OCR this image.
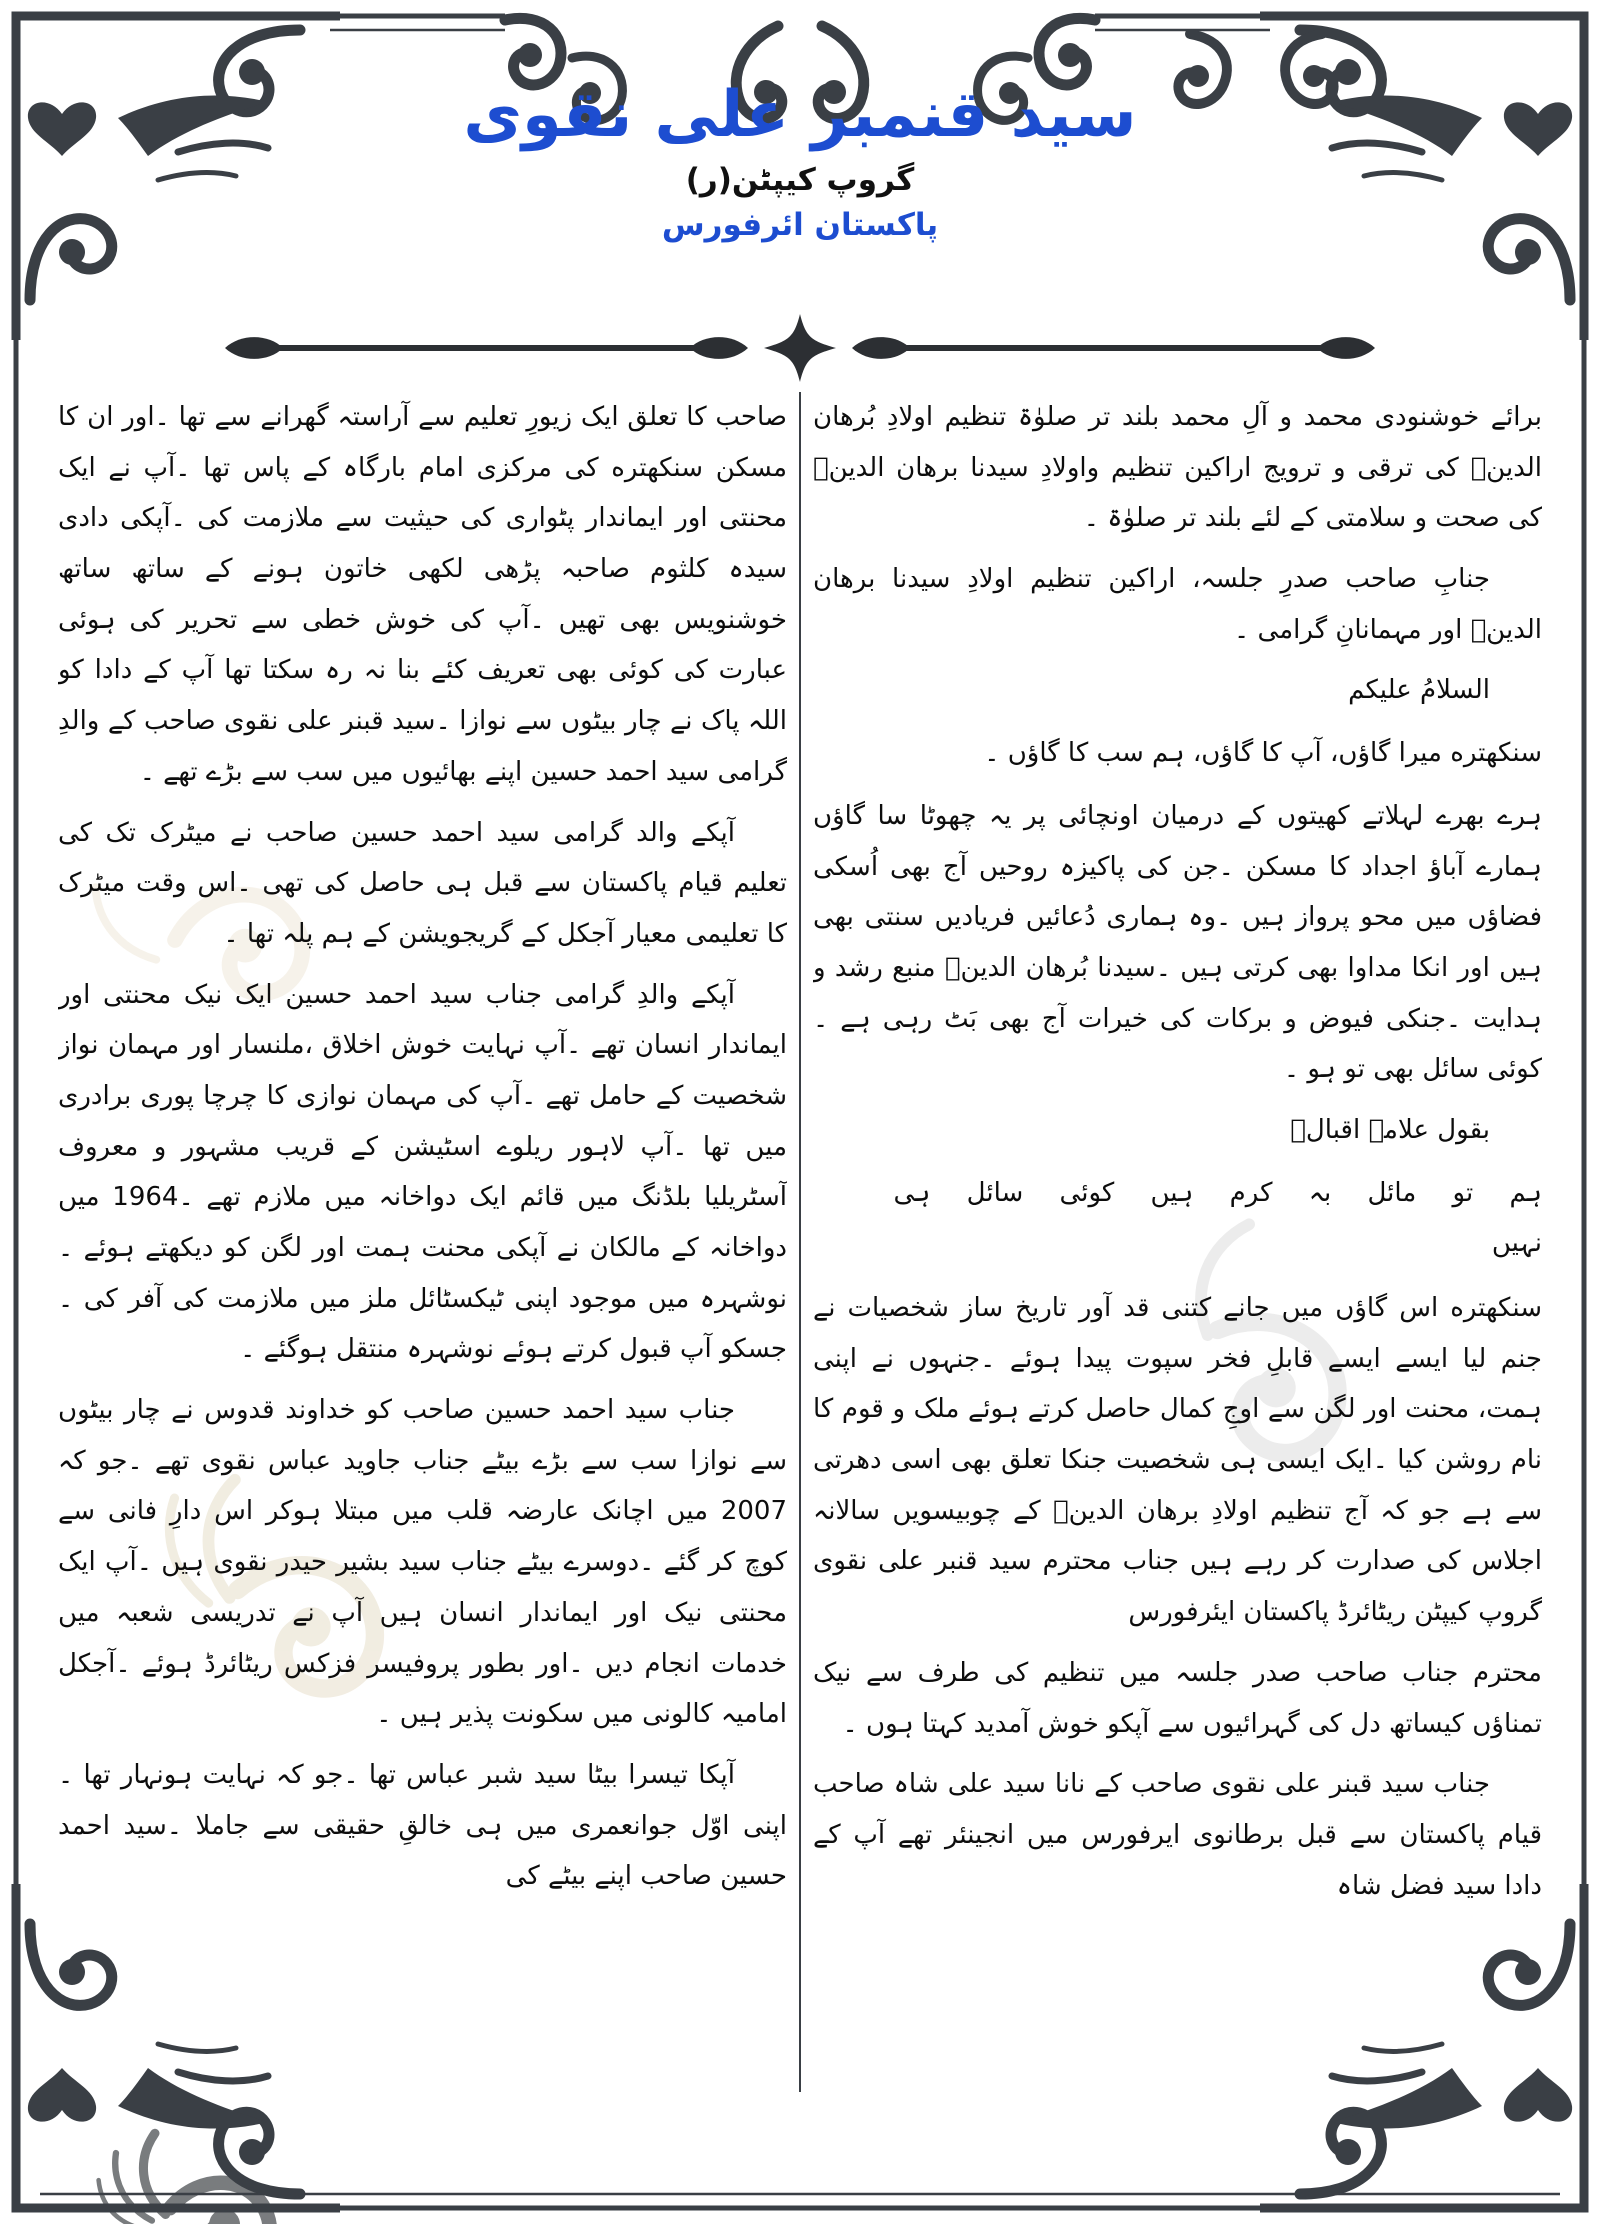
سید قنمبر علی نقوی
گروپ کیپٹن(ر)
پاکستان ائرفورس

برائے خوشنودی محمد و آلِ محمد بلند تر صلوٰۃ تنظیم اولادِ بُرھان الدینؒ کی ترقی و ترویج اراکین تنظیم واولادِ سیدنا برھان الدینؒ کی صحت و سلامتی کے لئے بلند تر صلوٰۃ ۔

جنابِ صاحب صدرِ جلسہ، اراکین تنظیم اولادِ سیدنا برھان الدینؒ اور مہمانانِ گرامی ۔

السلامُ علیکم

سنکھتره میرا گاؤں، آپ کا گاؤں، ہم سب کا گاؤں ۔

ہرے بھرے لہلاتے کھیتوں کے درمیان اونچائی پر یہ چھوٹا سا گاؤں ہمارے آباؤ اجداد کا مسکن ۔جن کی پاکیزہ روحیں آج بھی اُسکی فضاؤں میں محو پرواز ہیں ۔وہ ہماری دُعائیں فریادیں سنتی بھی ہیں اور انکا مداوا بھی کرتی ہیں ۔سیدنا بُرھان الدینؒ منبع رشد و ہدایت ۔جنکی فیوض و برکات کی خیرات آج بھی بَٹ رہی ہے ۔کوئی سائل بھی تو ہو ۔

بقول علامہ اقبالؒ

ہم تو مائل بہ کرم ہیں کوئی سائل ہی نہیں

سنکھتره اس گاؤں میں جانے کتنی قد آور تاریخ ساز شخصیات نے جنم لیا ایسے ایسے قابلِ فخر سپوت پیدا ہوئے ۔جنہوں نے اپنی ہمت، محنت اور لگن سے اوجِ کمال حاصل کرتے ہوئے ملک و قوم کا نام روشن کیا ۔ایک ایسی ہی شخصیت جنکا تعلق بھی اسی دھرتی سے ہے جو کہ آج تنظیم اولادِ برھان الدینؒ کے چوبیسویں سالانہ اجلاس کی صدارت کر رہے ہیں جناب محترم سید قنبر علی نقوی گروپ کیپٹن ریٹائرڈ پاکستان ایئرفورس

محترم جناب صاحب صدر جلسہ میں تنظیم کی طرف سے نیک تمناؤں کیساتھ دل کی گہرائیوں سے آپکو خوش آمدید کہتا ہوں ۔

جناب سید قبنر علی نقوی صاحب کے نانا سید علی شاہ صاحب قیام پاکستان سے قبل برطانوی ایرفورس میں انجینئر تھے آپ کے دادا سید فضل شاہ

صاحب کا تعلق ایک زیورِ تعلیم سے آراستہ گھرانے سے تھا ۔اور ان کا مسکن سنکھتره کی مرکزی امام بارگاہ کے پاس تھا ۔آپ نے ایک محنتی اور ایماندار پٹواری کی حیثیت سے ملازمت کی ۔آپکی دادی سیدہ کلثوم صاحبہ پڑھی لکھی خاتون ہونے کے ساتھ ساتھ خوشنویس بھی تھیں ۔آپ کی خوش خطی سے تحریر کی ہوئی عبارت کی کوئی بھی تعریف کئے بنا نہ رہ سکتا تھا آپ کے دادا کو اللہ پاک نے چار بیٹوں سے نوازا ۔سید قبنر علی نقوی صاحب کے والدِ گرامی سید احمد حسین اپنے بھائیوں میں سب سے بڑے تھے ۔

آپکے والد گرامی سید احمد حسین صاحب نے میٹرک تک کی تعلیم قیام پاکستان سے قبل ہی حاصل کی تھی ۔اس وقت میٹرک کا تعلیمی معیار آجکل کے گریجویشن کے ہم پلہ تھا ۔

آپکے والدِ گرامی جناب سید احمد حسین ایک نیک محنتی اور ایماندار انسان تھے ۔آپ نہایت خوش اخلاق ،ملنسار اور مہمان نواز شخصیت کے حامل تھے ۔آپ کی مہمان نوازی کا چرچا پوری برادری میں تھا ۔آپ لاہور ریلوے اسٹیشن کے قریب مشہور و معروف آسٹریلیا بلڈنگ میں قائم ایک دواخانہ میں ملازم تھے ۔1964 میں دواخانہ کے مالکان نے آپکی محنت ہمت اور لگن کو دیکھتے ہوئے ۔نوشہرہ میں موجود اپنی ٹیکسٹائل ملز میں ملازمت کی آفر کی ۔جسکو آپ قبول کرتے ہوئے نوشہرہ منتقل ہوگئے ۔

جناب سید احمد حسین صاحب کو خداوند قدوس نے چار بیٹوں سے نوازا سب سے بڑے بیٹے جناب جاوید عباس نقوی تھے ۔جو کہ 2007 میں اچانک عارضہ قلب میں مبتلا ہوکر اس دارِ فانی سے کوچ کر گئے ۔دوسرے بیٹے جناب سید بشیر حیدر نقوی ہیں ۔آپ ایک محنتی نیک اور ایماندار انسان ہیں آپ نے تدریسی شعبہ میں خدمات انجام دیں ۔اور بطور پروفیسر فزکس ریٹائرڈ ہوئے ۔آجکل امامیہ کالونی میں سکونت پذیر ہیں ۔

آپکا تیسرا بیٹا سید شبر عباس تھا ۔جو کہ نہایت ہونہار تھا ۔اپنی اوّل جوانعمری میں ہی خالقِ حقیقی سے جاملا ۔سید احمد حسین صاحب اپنے بیٹے کی
